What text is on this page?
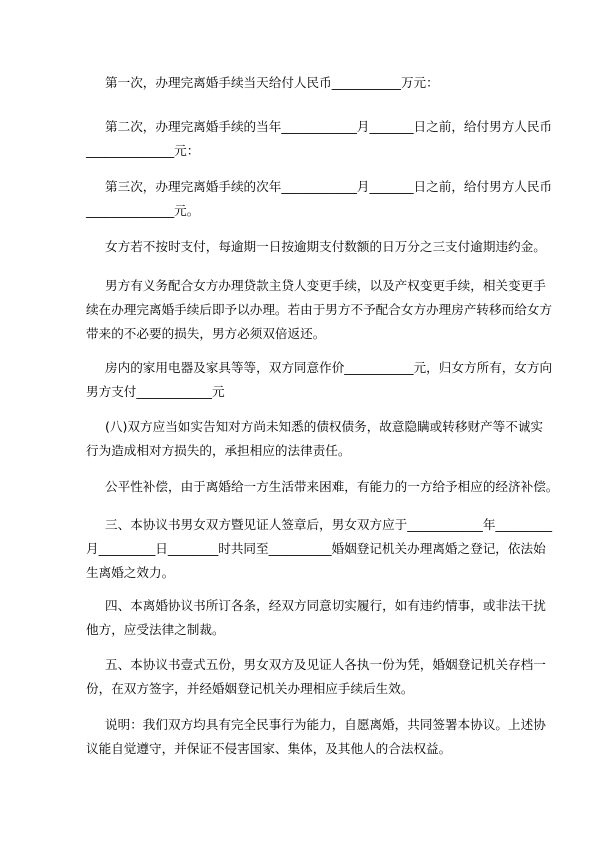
第一次，办理完离婚手续当天给付人民币___________万元：

第二次，办理完离婚手续的当年____________月_______日之前，给付男方人民币
______________元：

第三次，办理完离婚手续的次年____________月_______日之前，给付男方人民币
______________元。

女方若不按时支付，每逾期一日按逾期支付数额的日万分之三支付逾期违约金。

男方有义务配合女方办理贷款主贷人变更手续，以及产权变更手续，相关变更手
续在办理完离婚手续后即予以办理。若由于男方不予配合女方办理房产转移而给女方
带来的不必要的损失，男方必须双倍返还。

房内的家用电器及家具等等，双方同意作价___________元，归女方所有，女方向
男方支付____________元

(八)双方应当如实告知对方尚未知悉的债权债务，故意隐瞒或转移财产等不诚实
行为造成相对方损失的，承担相应的法律责任。

公平性补偿，由于离婚给一方生活带来困难，有能力的一方给予相应的经济补偿。

三、本协议书男女双方暨见证人签章后，男女双方应于____________年_________
月_________日________时共同至__________婚姻登记机关办理离婚之登记，依法始
生离婚之效力。

四、本离婚协议书所订各条，经双方同意切实履行，如有违约情事，或非法干扰
他方，应受法律之制裁。

五、本协议书壹式五份，男女双方及见证人各执一份为凭，婚姻登记机关存档一
份，在双方签字，并经婚姻登记机关办理相应手续后生效。

说明：我们双方均具有完全民事行为能力，自愿离婚，共同签署本协议。上述协
议能自觉遵守，并保证不侵害国家、集体，及其他人的合法权益。
